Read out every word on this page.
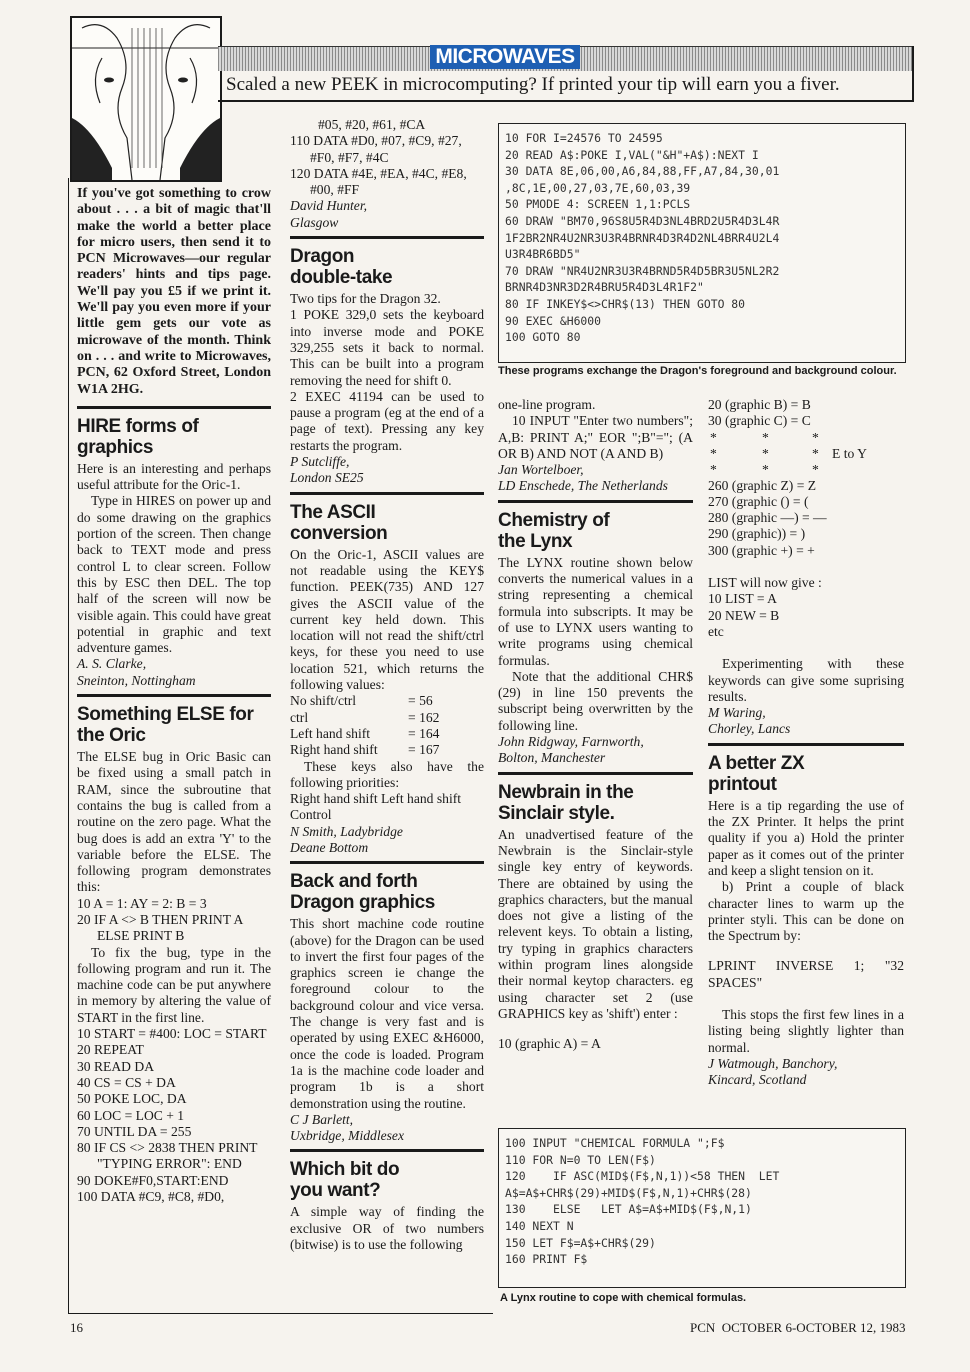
MICROWAVES
Scaled a new PEEK in microcomputing? If printed your tip will earn you a fiver.

If you've got something to crow about . . . a bit of magic that'll make the world a better place for micro users, then send it to PCN Microwaves—our regular readers' hints and tips page. We'll pay you £5 if we print it. We'll pay you even more if your little gem gets our vote as microwave of the month. Think on . . . and write to Microwaves, PCN, 62 Oxford Street, London W1A 2HG.

HIRE forms of graphics

Here is an interesting and perhaps useful attribute for the Oric-1.

Type in HIRES on power up and do some drawing on the graphics portion of the screen. Then change back to TEXT mode and press control L to clear screen. Follow this by ESC then DEL. The top half of the screen will now be visible again. This could have great potential in graphic and text adventure games.

A. S. Clarke,

Sneinton, Nottingham

Something ELSE for the Oric

The ELSE bug in Oric Basic can be fixed using a small patch in RAM, since the subroutine that contains the bug is called from a routine on the zero page. What the bug does is add an extra 'Y' to the variable before the ELSE. The following program demonstrates this:

10 A = 1: AY = 2: B = 3

20 IF A <> B THEN PRINT A ELSE PRINT B

To fix the bug, type in the following program and run it. The machine code can be put anywhere in memory by altering the value of START in the first line.

10 START = #400: LOC = START

20 REPEAT

30 READ DA

40 CS = CS + DA

50 POKE LOC, DA

60 LOC = LOC + 1

70 UNTIL DA = 255

80 IF CS <> 2838 THEN PRINT "TYPING ERROR": END

90 DOKE#F0,START:END

100 DATA #C9, #C8, #D0,

#05, #20, #61, #CA

110 DATA #D0, #07, #C9, #27, #F0, #F7, #4C

120 DATA #4E, #EA, #4C, #E8, #00, #FF

David Hunter,

Glasgow

Dragon double-take

Two tips for the Dragon 32.

1 POKE 329,0 sets the keyboard into inverse mode and POKE 329,255 sets it back to normal. This can be built into a program removing the need for shift 0.

2 EXEC 41194 can be used to pause a program (eg at the end of a page of text). Pressing any key restarts the program.

P Sutcliffe,

London SE25

The ASCII conversion

On the Oric-1, ASCII values are not readable using the KEY$ function. PEEK(735) AND 127 gives the ASCII value of the current key held down. This location will not read the shift/ctrl keys, for these you need to use location 521, which returns the following values:

No shift/ctrl	= 56
ctrl	= 162
Left hand shift	= 164
Right hand shift	= 167

These keys also have the following priorities:

Right hand shift Left hand shift Control

N Smith, Ladybridge

Deane Bottom

Back and forth Dragon graphics

This short machine code routine (above) for the Dragon can be used to invert the first four pages of the graphics screen ie change the foreground colour to the background colour and vice versa. The change is very fast and is operated by using EXEC &H6000, once the code is loaded. Program 1a is the machine code loader and program 1b is a short demonstration using the routine.

C J Barlett,

Uxbridge, Middlesex

Which bit do you want?

A simple way of finding the exclusive OR of two numbers (bitwise) is to use the following

10 FOR I=24576 TO 24595
20 READ A$:POKE I,VAL("&H"+A$):NEXT I
30 DATA 8E,06,00,A6,84,88,FF,A7,84,30,01
,8C,1E,00,27,03,7E,60,03,39
50 PMODE 4: SCREEN 1,1:PCLS
60 DRAW "BM70,96S8U5R4D3NL4BRD2U5R4D3L4R
1F2BR2NR4U2NR3U3R4BRNR4D3R4D2NL4BRR4U2L4
U3R4BR6BD5"
70 DRAW "NR4U2NR3U3R4BRND5R4D5BR3U5NL2R2
BRNR4D3NR3D2R4BRU5R4D3L4R1F2"
80 IF INKEY$<>CHR$(13) THEN GOTO 80
90 EXEC &H6000
100 GOTO 80
These programs exchange the Dragon's foreground and background colour.

one-line program.

10 INPUT "Enter two numbers"; A,B: PRINT A;" EOR ";B"="; (A OR B) AND NOT (A AND B)

Jan Wortelboer,

LD Enschede, The Netherlands

Chemistry of the Lynx

The LYNX routine shown below converts the numerical values in a string representing a chemical formula into subscripts. It may be of use to LYNX users wanting to write programs using chemical formulas.

Note that the additional CHR$ (29) in line 150 prevents the subscript being overwritten by the following line.

John Ridgway, Farnworth,

Bolton, Manchester

Newbrain in the Sinclair style.

An unadvertised feature of the Newbrain is the Sinclair-style single key entry of keywords. There are obtained by using the graphics characters, but the manual does not give a listing of the relevent keys. To obtain a listing, try typing in graphics characters within program lines alongside their normal keytop characters. eg using character set 2 (use GRAPHICS key as 'shift') enter :

10 (graphic A) = A

20 (graphic B) = B

30 (graphic C) = C

*	*	*
*	*	* E to Y
*	*	*

260 (graphic Z) = Z

270 (graphic () = (

280 (graphic —) = —

290 (graphic)) = )

300 (graphic +) = +

LIST will now give :

10 LIST = A

20 NEW = B

etc

Experimenting with these keywords can give some suprising results.

M Waring,

Chorley, Lancs

A better ZX printout

Here is a tip regarding the use of the ZX Printer. It helps the print quality if you a) Hold the printer paper as it comes out of the printer and keep a slight tension on it.

b) Print a couple of black character lines to warm up the printer styli. This can be done on the Spectrum by:

LPRINT INVERSE 1; "32 SPACES"

This stops the first few lines in a listing being slightly lighter than normal.

J Watmough, Banchory,

Kincard, Scotland

100 INPUT "CHEMICAL FORMULA ";F$
110 FOR N=0 TO LEN(F$)
120    IF ASC(MID$(F$,N,1))<58 THEN  LET
A$=A$+CHR$(29)+MID$(F$,N,1)+CHR$(28)
130    ELSE   LET A$=A$+MID$(F$,N,1)
140 NEXT N
150 LET F$=A$+CHR$(29)
160 PRINT F$
A Lynx routine to cope with chemical formulas.
16	PCN  OCTOBER 6-OCTOBER 12, 1983
